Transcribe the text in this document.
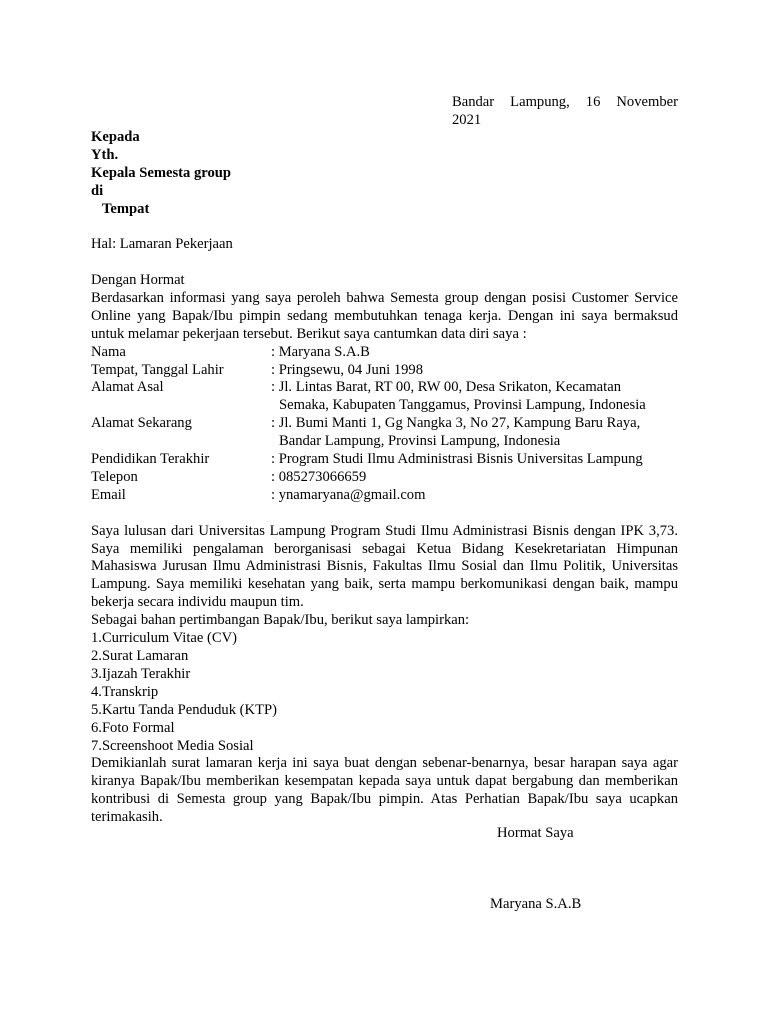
Bandar Lampung, 16 November
2021
Kepada
Yth.
Kepala Semesta group
di
Tempat
Hal: Lamaran Pekerjaan
Dengan Hormat
Berdasarkan informasi yang saya peroleh bahwa Semesta group dengan posisi Customer Service Online yang Bapak/Ibu pimpin sedang membutuhkan tenaga kerja. Dengan ini saya bermaksud untuk melamar pekerjaan tersebut. Berikut saya cantumkan data diri saya :
Nama	: Maryana S.A.B
Tempat, Tanggal Lahir	: Pringsewu, 04 Juni 1998
Alamat Asal	: Jl. Lintas Barat, RT 00, RW 00, Desa Srikaton, Kecamatan
Semaka, Kabupaten Tanggamus, Provinsi Lampung, Indonesia
Alamat Sekarang	: Jl. Bumi Manti 1, Gg Nangka 3, No 27, Kampung Baru Raya,
Bandar Lampung, Provinsi Lampung, Indonesia
Pendidikan Terakhir	: Program Studi Ilmu Administrasi Bisnis Universitas Lampung
Telepon	: 085273066659
Email	: ynamaryana@gmail.com
Saya lulusan dari Universitas Lampung Program Studi Ilmu Administrasi Bisnis dengan IPK 3,73. Saya memiliki pengalaman berorganisasi sebagai Ketua Bidang Kesekretariatan Himpunan Mahasiswa Jurusan Ilmu Administrasi Bisnis, Fakultas Ilmu Sosial dan Ilmu Politik, Universitas Lampung. Saya memiliki kesehatan yang baik, serta mampu berkomunikasi dengan baik, mampu bekerja secara individu maupun tim.
Sebagai bahan pertimbangan Bapak/Ibu, berikut saya lampirkan:
1.Curriculum Vitae (CV)
2.Surat Lamaran
3.Ijazah Terakhir
4.Transkrip
5.Kartu Tanda Penduduk (KTP)
6.Foto Formal
7.Screenshoot Media Sosial
Demikianlah surat lamaran kerja ini saya buat dengan sebenar-benarnya, besar harapan saya agar kiranya Bapak/Ibu memberikan kesempatan kepada saya untuk dapat bergabung dan memberikan kontribusi di Semesta group yang Bapak/Ibu pimpin. Atas Perhatian Bapak/Ibu saya ucapkan terimakasih.
Hormat Saya
Maryana S.A.B
